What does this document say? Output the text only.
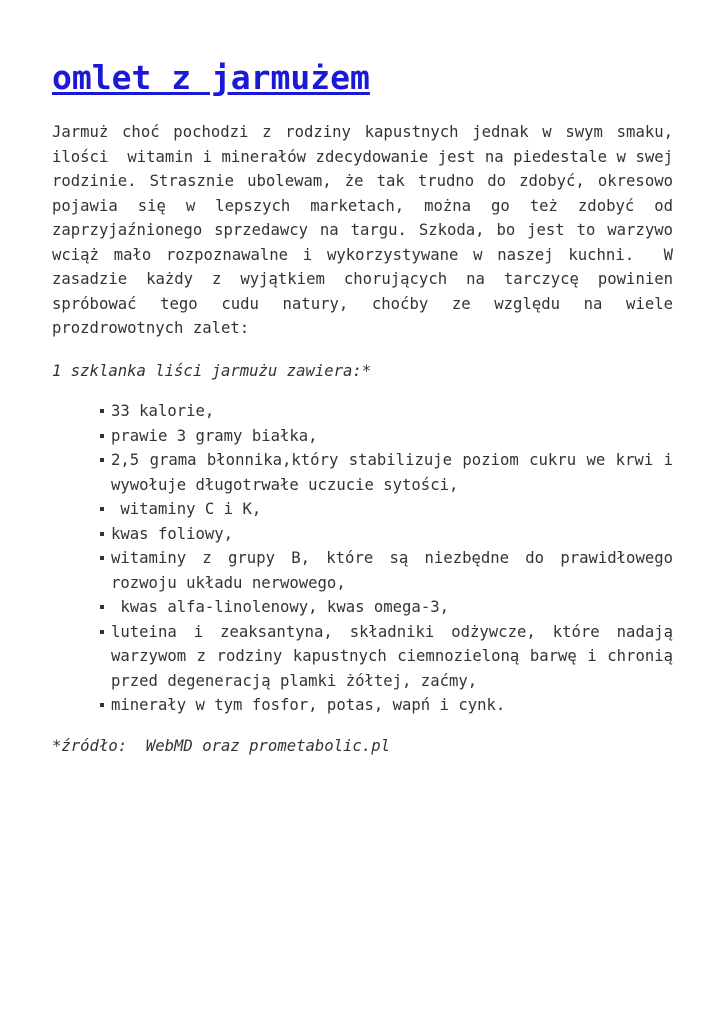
omlet z jarmużem

Jarmuż choć pochodzi z rodziny kapustnych jednak w swym smaku, ilości  witamin i minerałów zdecydowanie jest na piedestale w swej rodzinie. Strasznie ubolewam, że tak trudno do zdobyć, okresowo pojawia się w lepszych marketach, można go też zdobyć od zaprzyjaźnionego sprzedawcy na targu. Szkoda, bo jest to warzywo wciąż mało rozpoznawalne i wykorzystywane w naszej kuchni.  W zasadzie każdy z wyjątkiem chorujących na tarczycę powinien spróbować tego cudu natury, choćby ze względu na wiele prozdrowotnych zalet:

1 szklanka liści jarmużu zawiera:*

33 kalorie,
prawie 3 gramy białka,
2,5 grama błonnika,który stabilizuje poziom cukru we krwi i wywołuje długotrwałe uczucie sytości,
witaminy C i K,
kwas foliowy,
witaminy z grupy B, które są niezbędne do prawidłowego rozwoju układu nerwowego,
kwas alfa-linolenowy, kwas omega-3,
luteina i zeaksantyna, składniki odżywcze, które nadają warzywom z rodziny kapustnych ciemnozieloną barwę i chronią przed degeneracją plamki żółtej, zaćmy,
minerały w tym fosfor, potas, wapń i cynk.

*źródło:  WebMD oraz prometabolic.pl
